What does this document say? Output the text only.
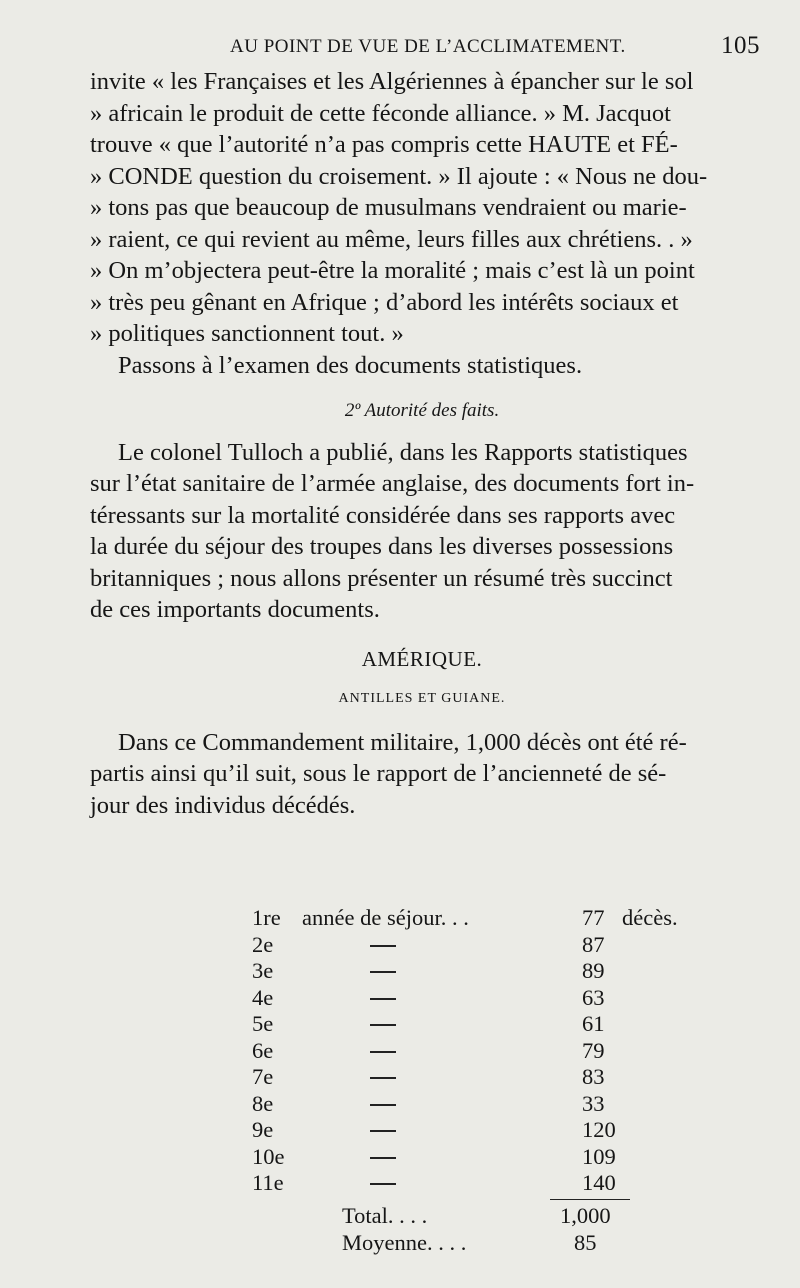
AU POINT DE VUE DE L’ACCLIMATEMENT.	105

invite « les Françaises et les Algériennes à épancher sur le sol
» africain le produit de cette féconde alliance. » M. Jacquot
trouve « que l’autorité n’a pas compris cette HAUTE et FÉ-
» CONDE question du croisement. » Il ajoute : « Nous ne dou-
» tons pas que beaucoup de musulmans vendraient ou marie-
» raient, ce qui revient au même, leurs filles aux chrétiens. . »
» On m’objectera peut-être la moralité ; mais c’est là un point
» très peu gênant en Afrique ; d’abord les intérêts sociaux et
» politiques sanctionnent tout. »

Passons à l’examen des documents statistiques.

2º Autorité des faits.

Le colonel Tulloch a publié, dans les Rapports statistiques
sur l’état sanitaire de l’armée anglaise, des documents fort in-
téressants sur la mortalité considérée dans ses rapports avec
la durée du séjour des troupes dans les diverses possessions
britanniques ; nous allons présenter un résumé très succinct
de ces importants documents.

AMÉRIQUE.
ANTILLES ET GUIANE.

Dans ce Commandement militaire, 1,000 décès ont été ré-
partis ainsi qu’il suit, sous le rapport de l’ancienneté de sé-
jour des individus décédés.

1re année de séjour. . .	77 décès.
2e	87
3e	89
4e	63
5e	61
6e	79
7e	83
8e	33
9e	120
10e	109
11e	140
Total. . . .	1,000
Moyenne. . . .	85
